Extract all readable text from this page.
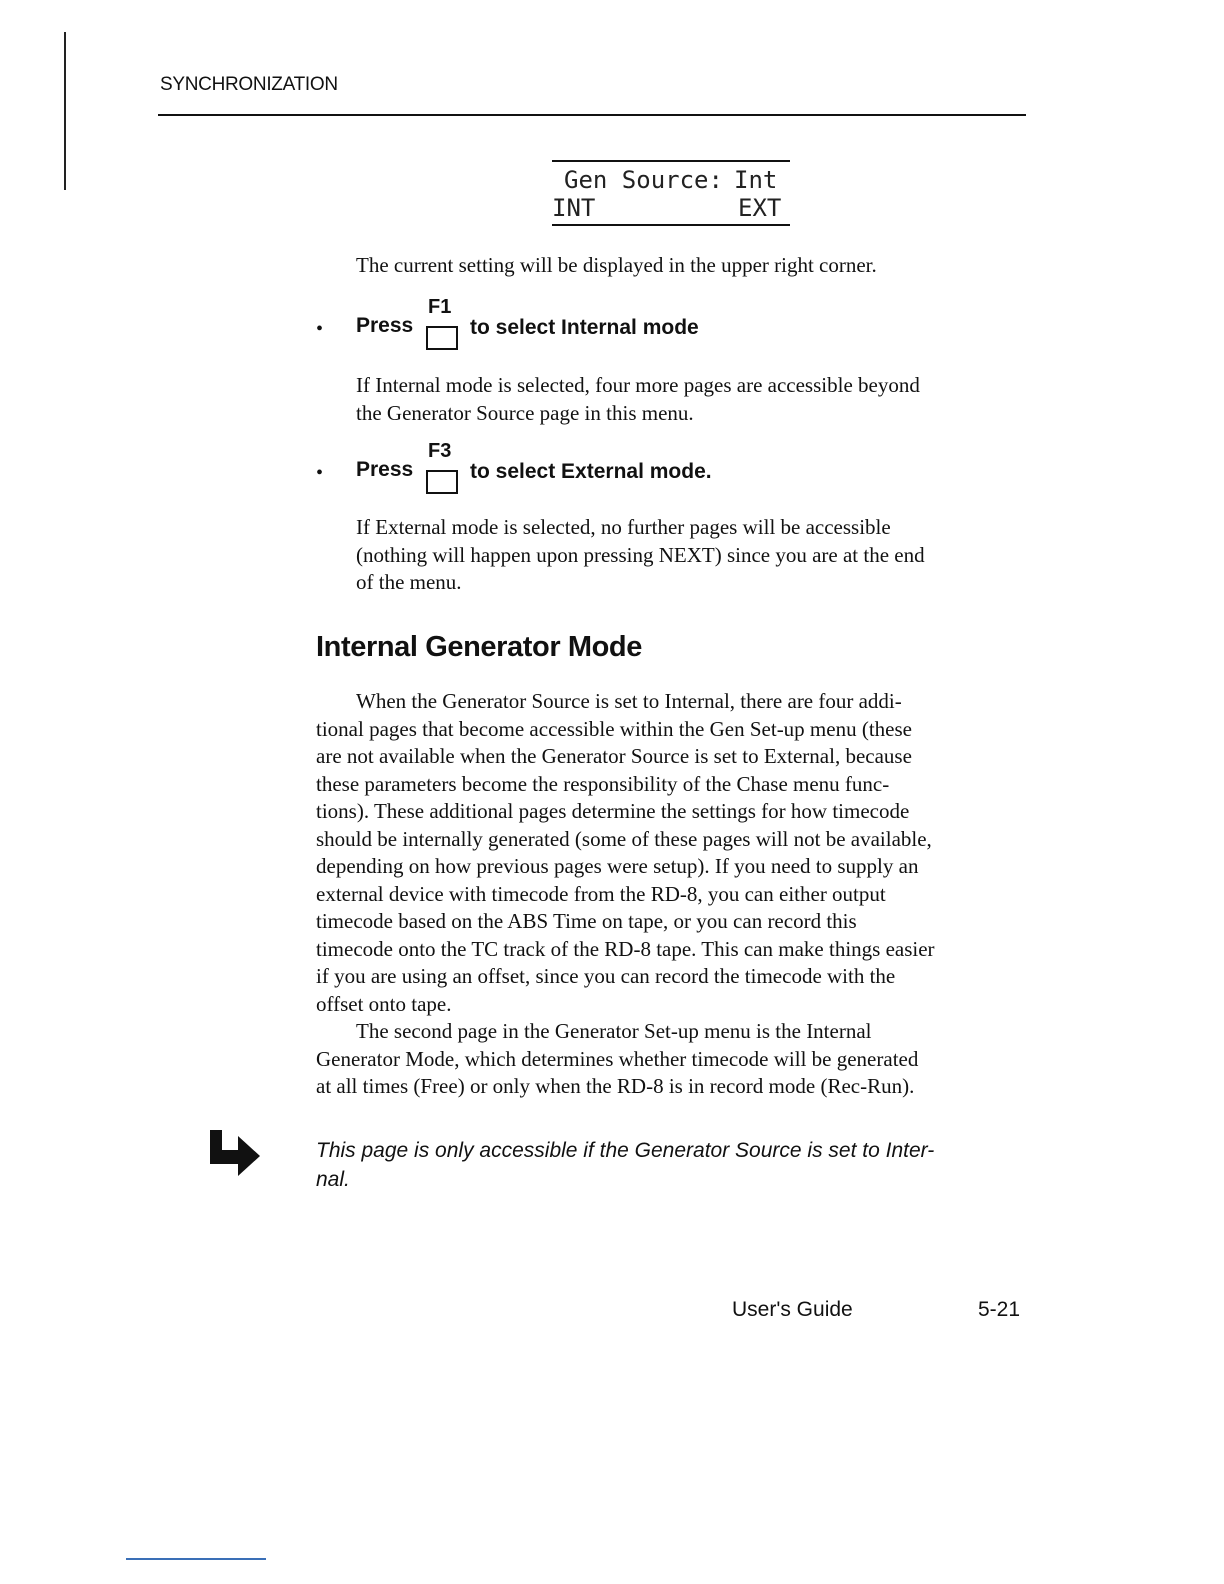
SYNCHRONIZATION
Gen Source: Int
INT	EXT
The current setting will be displayed in the upper right corner.
• Press
F1
to select Internal mode
If Internal mode is selected, four more pages are accessible beyond
the Generator Source page in this menu.
• Press
F3
to select External mode.
If External mode is selected, no further pages will be accessible
(nothing will happen upon pressing NEXT) since you are at the end
of the menu.
Internal Generator Mode
When the Generator Source is set to Internal, there are four addi-
tional pages that become accessible within the Gen Set-up menu (these
are not available when the Generator Source is set to External, because
these parameters become the responsibility of the Chase menu func-
tions). These additional pages determine the settings for how timecode
should be internally generated (some of these pages will not be available,
depending on how previous pages were setup). If you need to supply an
external device with timecode from the RD-8, you can either output
timecode based on the ABS Time on tape, or you can record this
timecode onto the TC track of the RD-8 tape. This can make things easier
if you are using an offset, since you can record the timecode with the
offset onto tape.
The second page in the Generator Set-up menu is the Internal
Generator Mode, which determines whether timecode will be generated
at all times (Free) or only when the RD-8 is in record mode (Rec-Run).
This page is only accessible if the Generator Source is set to Inter-
nal.
User's Guide	5-21
